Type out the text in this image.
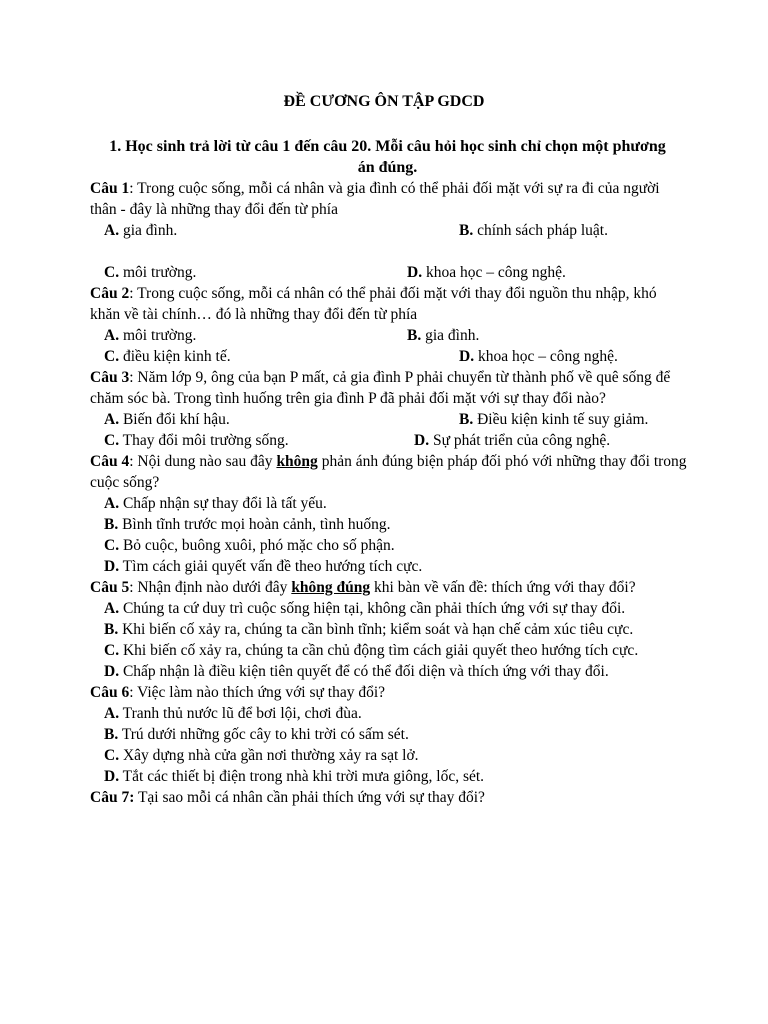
ĐỀ CƯƠNG ÔN TẬP GDCD
1. Học sinh trả lời từ câu 1 đến câu 20. Mỗi câu hỏi học sinh chỉ chọn một phương án đúng.
Câu 1: Trong cuộc sống, mỗi cá nhân và gia đình có thể phải đối mặt với sự ra đi của người thân - đây là những thay đổi đến từ phía
A. gia đình.	B. chính sách pháp luật.
C. môi trường.	D. khoa học – công nghệ.
Câu 2: Trong cuộc sống, mỗi cá nhân có thể phải đối mặt với thay đổi nguồn thu nhập, khó khăn về tài chính… đó là những thay đổi đến từ phía
A. môi trường.	B. gia đình.
C. điều kiện kinh tế.	D. khoa học – công nghệ.
Câu 3: Năm lớp 9, ông của bạn P mất, cả gia đình P phải chuyển từ thành phố về quê sống để chăm sóc bà. Trong tình huống trên gia đình P đã phải đối mặt với sự thay đổi nào?
A. Biến đổi khí hậu.	B. Điều kiện kinh tế suy giảm.
C. Thay đổi môi trường sống.	D. Sự phát triển của công nghệ.
Câu 4: Nội dung nào sau đây không phản ánh đúng biện pháp đối phó với những thay đổi trong cuộc sống?
A. Chấp nhận sự thay đổi là tất yếu.
B. Bình tĩnh trước mọi hoàn cảnh, tình huống.
C. Bỏ cuộc, buông xuôi, phó mặc cho số phận.
D. Tìm cách giải quyết vấn đề theo hướng tích cực.
Câu 5: Nhận định nào dưới đây không đúng khi bàn về vấn đề: thích ứng với thay đổi?
A. Chúng ta cứ duy trì cuộc sống hiện tại, không cần phải thích ứng với sự thay đổi.
B. Khi biến cố xảy ra, chúng ta cần bình tĩnh; kiểm soát và hạn chế cảm xúc tiêu cực.
C. Khi biến cố xảy ra, chúng ta cần chủ động tìm cách giải quyết theo hướng tích cực.
D. Chấp nhận là điều kiện tiên quyết để có thể đối diện và thích ứng với thay đổi.
Câu 6: Việc làm nào thích ứng với sự thay đổi?
A. Tranh thủ nước lũ để bơi lội, chơi đùa.
B. Trú dưới những gốc cây to khi trời có sấm sét.
C. Xây dựng nhà cửa gần nơi thường xảy ra sạt lở.
D. Tắt các thiết bị điện trong nhà khi trời mưa giông, lốc, sét.
Câu 7: Tại sao mỗi cá nhân cần phải thích ứng với sự thay đổi?
